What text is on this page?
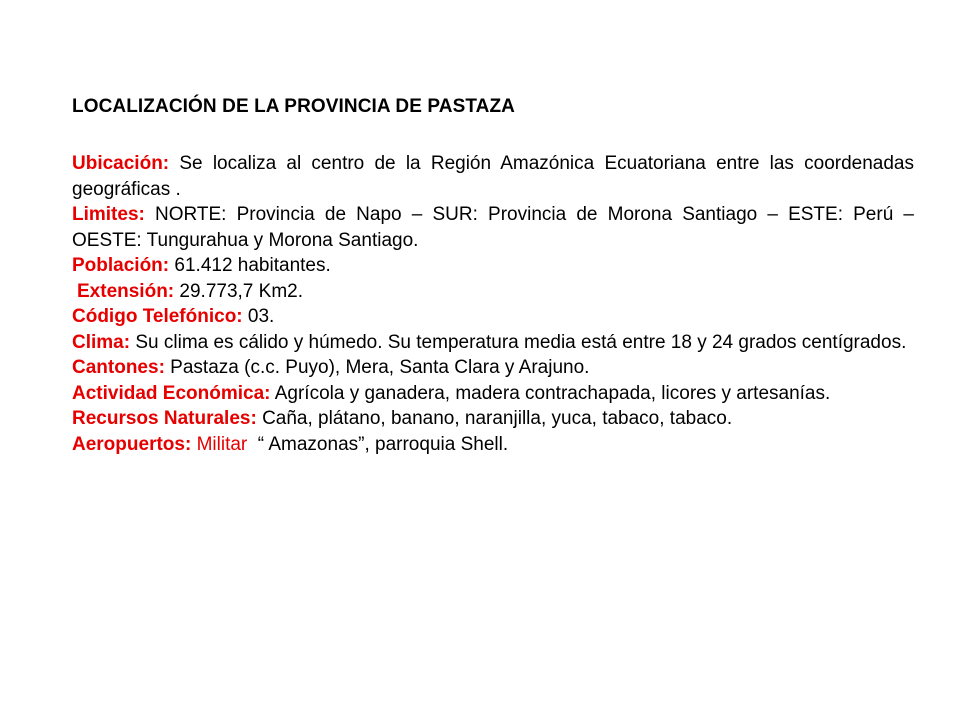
LOCALIZACIÓN DE LA PROVINCIA DE PASTAZA

Ubicación: Se localiza al centro de la Región Amazónica Ecuatoriana entre las coordenadas geográficas .

Limites: NORTE: Provincia de Napo – SUR: Provincia de Morona Santiago – ESTE: Perú – OESTE: Tungurahua y Morona Santiago.

Población: 61.412 habitantes.

Extensión: 29.773,7 Km2.

Código Telefónico: 03.

Clima: Su clima es cálido y húmedo. Su temperatura media está entre 18 y 24 grados centígrados.

Cantones: Pastaza (c.c. Puyo), Mera, Santa Clara y Arajuno.

Actividad Económica: Agrícola y ganadera, madera contrachapada, licores y artesanías.

Recursos Naturales: Caña, plátano, banano, naranjilla, yuca, tabaco, tabaco.

Aeropuertos: Militar  “ Amazonas”, parroquia Shell.
